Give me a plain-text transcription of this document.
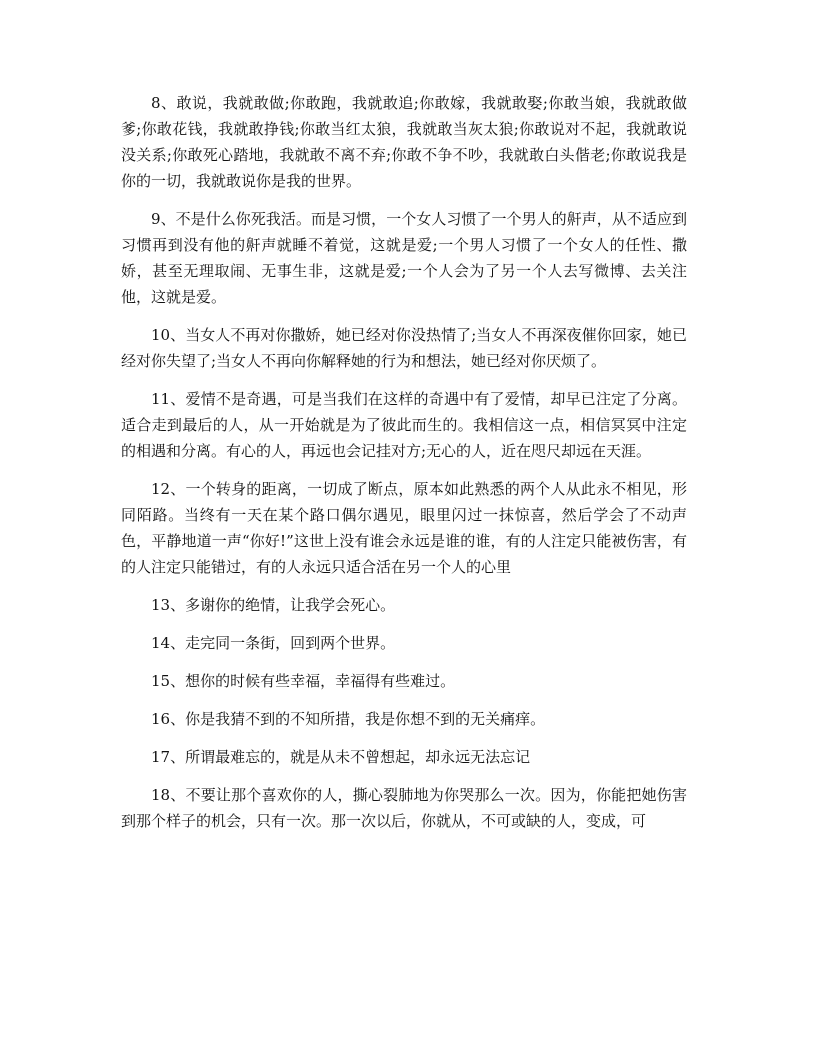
8、敢说，我就敢做;你敢跑，我就敢追;你敢嫁，我就敢娶;你敢当娘，我就敢做爹;你敢花钱，我就敢挣钱;你敢当红太狼，我就敢当灰太狼;你敢说对不起，我就敢说没关系;你敢死心踏地，我就敢不离不弃;你敢不争不吵，我就敢白头偕老;你敢说我是你的一切，我就敢说你是我的世界。

9、不是什么你死我活。而是习惯，一个女人习惯了一个男人的鼾声，从不适应到习惯再到没有他的鼾声就睡不着觉，这就是爱;一个男人习惯了一个女人的任性、撒娇，甚至无理取闹、无事生非，这就是爱;一个人会为了另一个人去写微博、去关注他，这就是爱。

10、当女人不再对你撒娇，她已经对你没热情了;当女人不再深夜催你回家，她已经对你失望了;当女人不再向你解释她的行为和想法，她已经对你厌烦了。

11、爱情不是奇遇，可是当我们在这样的奇遇中有了爱情，却早已注定了分离。适合走到最后的人，从一开始就是为了彼此而生的。我相信这一点，相信冥冥中注定的相遇和分离。有心的人，再远也会记挂对方;无心的人，近在咫尺却远在天涯。

12、一个转身的距离，一切成了断点，原本如此熟悉的两个人从此永不相见，形同陌路。当终有一天在某个路口偶尔遇见，眼里闪过一抹惊喜，然后学会了不动声色，平静地道一声“你好!”这世上没有谁会永远是谁的谁，有的人注定只能被伤害，有的人注定只能错过，有的人永远只适合活在另一个人的心里

13、多谢你的绝情，让我学会死心。

14、走完同一条街，回到两个世界。

15、想你的时候有些幸福，幸福得有些难过。

16、你是我猜不到的不知所措，我是你想不到的无关痛痒。

17、所谓最难忘的，就是从未不曾想起，却永远无法忘记

18、不要让那个喜欢你的人，撕心裂肺地为你哭那么一次。因为，你能把她伤害到那个样子的机会，只有一次。那一次以后，你就从，不可或缺的人，变成，可
